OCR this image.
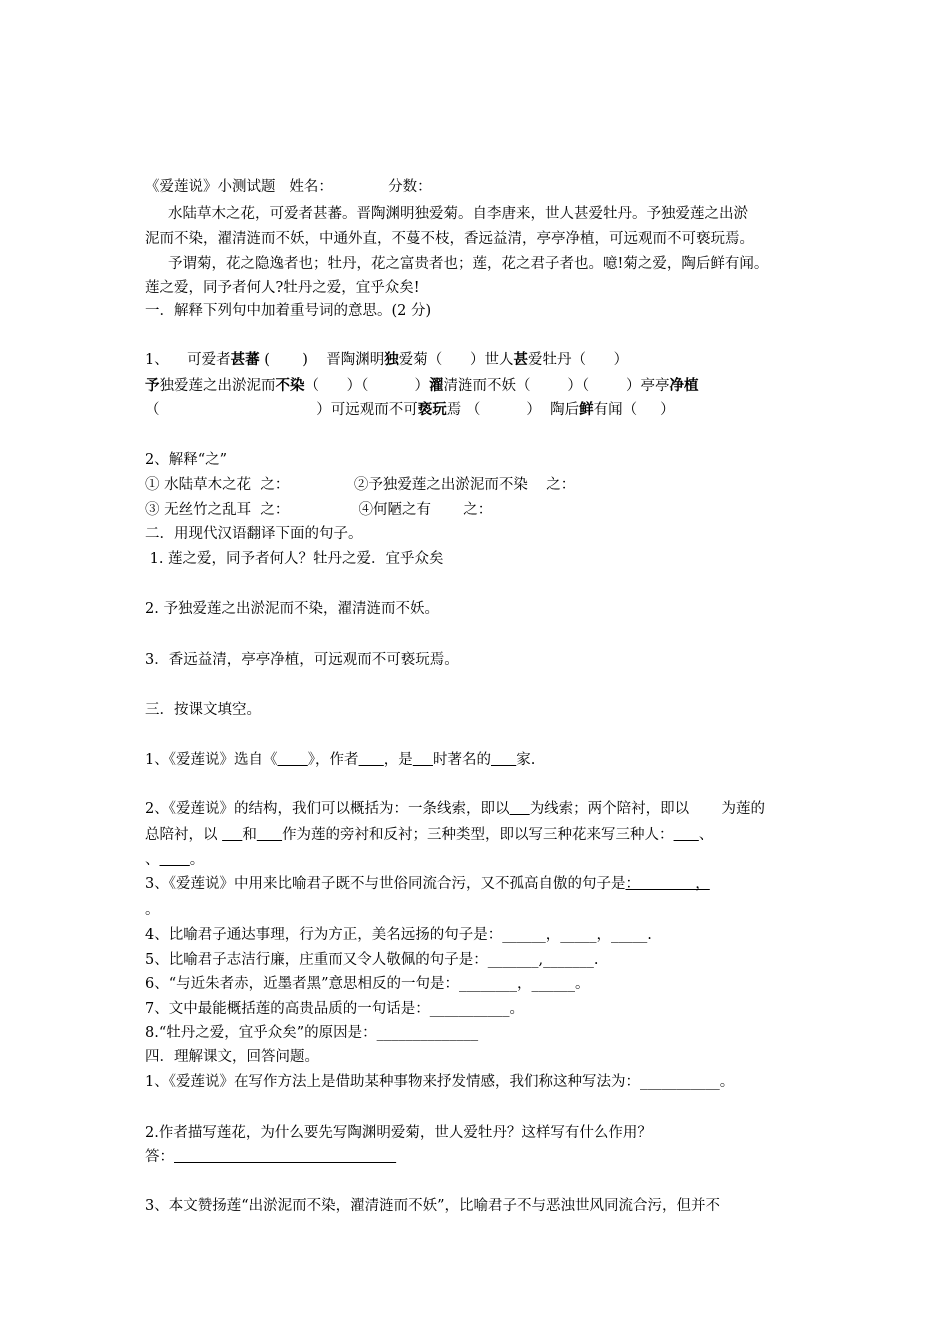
《爱莲说》小测试题   姓名：            分数：
水陆草木之花，可爱者甚蕃。晋陶渊明独爱菊。自李唐来，世人甚爱牡丹。予独爱莲之出淤
泥而不染，濯清涟而不妖，中通外直，不蔓不枝，香远益清，亭亭净植，可远观而不可亵玩焉。
予谓菊，花之隐逸者也；牡丹，花之富贵者也；莲，花之君子者也。噫!菊之爱，陶后鲜有闻。
莲之爱，同予者何人?牡丹之爱，宜乎众矣!
一．解释下列句中加着重号词的意思。(2 分)
1、    可爱者甚蕃 (       )    晋陶渊明独爱菊（      ）世人甚爱牡丹（      ）
予独爱莲之出淤泥而不染（      ）（          ）濯清涟而不妖（        ）（        ）亭亭净植
（                                  ）可远观而不可亵玩焉 （          ）  陶后鲜有闻（     ）
2、解释“之”
① 水陆草木之花  之：              ②予独爱莲之出淤泥而不染    之：
③ 无丝竹之乱耳  之：               ④何陋之有       之：
二．用现代汉语翻译下面的句子。
1. 莲之爱，同予者何人？牡丹之爱．宜乎众矣
2. 予独爱莲之出淤泥而不染，濯清涟而不妖。
3．香远益清，亭亭净植，可远观而不可亵玩焉。
三．按课文填空。
1、《爱莲说》选自《 》，作者 ，是 时著名的 家.
2、《爱莲说》的结构，我们可以概括为：一条线索，即以 为线索；两个陪衬，即以       为莲的
总陪衬，以     和 作为莲的旁衬和反衬；三种类型，即以写三种花来写三种人： 、
、 。
3、《爱莲说》中用来比喻君子既不与世俗同流合污，又不孤高自傲的句子是：            ，
。
4、比喻君子通达事理，行为方正，美名远扬的句子是：______，_____，_____.
5、比喻君子志洁行廉，庄重而又令人敬佩的句子是：_______,_______.
6、“与近朱者赤，近墨者黑”意思相反的一句是：________，______。
7、文中最能概括莲的高贵品质的一句话是：___________。
8.“牡丹之爱，宜乎众矣”的原因是：______________
四．理解课文，回答问题。
1、《爱莲说》在写作方法上是借助某种事物来抒发情感，我们称这种写法为：___________。
2.作者描写莲花，为什么要先写陶渊明爱菊，世人爱牡丹？这样写有什么作用？
答：
3、本文赞扬莲“出淤泥而不染，濯清涟而不妖”，比喻君子不与恶浊世风同流合污，但并不
